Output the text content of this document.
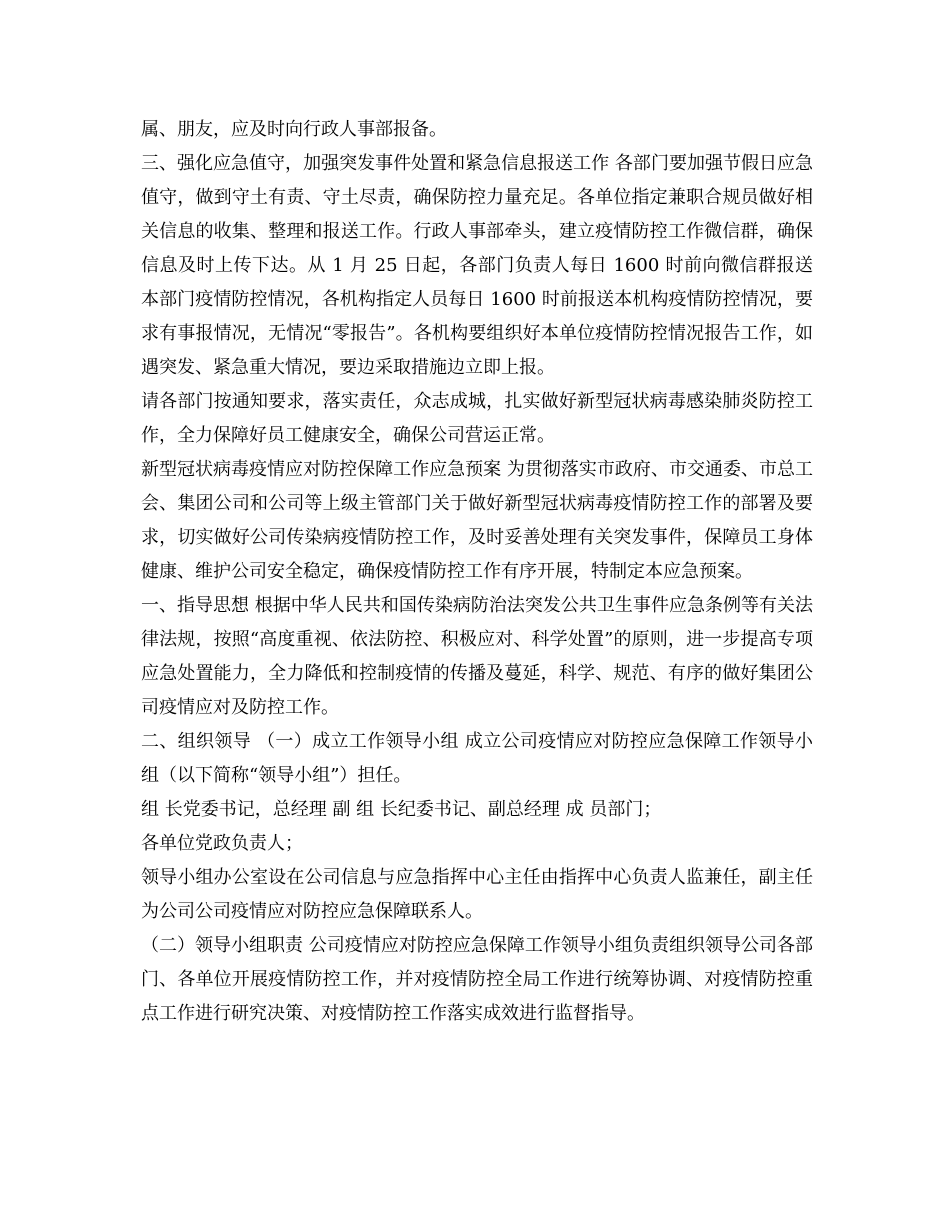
属、朋友，应及时向行政人事部报备。

三、强化应急值守，加强突发事件处置和紧急信息报送工作 各部门要加强节假日应急值守，做到守土有责、守土尽责，确保防控力量充足。各单位指定兼职合规员做好相关信息的收集、整理和报送工作。行政人事部牵头，建立疫情防控工作微信群，确保信息及时上传下达。从 1 月 25 日起，各部门负责人每日 1600 时前向微信群报送本部门疫情防控情况，各机构指定人员每日 1600 时前报送本机构疫情防控情况，要求有事报情况，无情况“零报告”。各机构要组织好本单位疫情防控情况报告工作，如遇突发、紧急重大情况，要边采取措施边立即上报。

请各部门按通知要求，落实责任，众志成城，扎实做好新型冠状病毒感染肺炎防控工作，全力保障好员工健康安全，确保公司营运正常。

新型冠状病毒疫情应对防控保障工作应急预案 为贯彻落实市政府、市交通委、市总工会、集团公司和公司等上级主管部门关于做好新型冠状病毒疫情防控工作的部署及要求，切实做好公司传染病疫情防控工作，及时妥善处理有关突发事件，保障员工身体健康、维护公司安全稳定，确保疫情防控工作有序开展，特制定本应急预案。

一、指导思想 根据中华人民共和国传染病防治法突发公共卫生事件应急条例等有关法律法规，按照“高度重视、依法防控、积极应对、科学处置”的原则，进一步提高专项应急处置能力，全力降低和控制疫情的传播及蔓延，科学、规范、有序的做好集团公司疫情应对及防控工作。

二、组织领导 （一）成立工作领导小组 成立公司疫情应对防控应急保障工作领导小组（以下简称“领导小组”）担任。

组 长党委书记，总经理 副 组 长纪委书记、副总经理 成 员部门；

各单位党政负责人；

领导小组办公室设在公司信息与应急指挥中心主任由指挥中心负责人监兼任，副主任为公司公司疫情应对防控应急保障联系人。

（二）领导小组职责 公司疫情应对防控应急保障工作领导小组负责组织领导公司各部门、各单位开展疫情防控工作，并对疫情防控全局工作进行统筹协调、对疫情防控重点工作进行研究决策、对疫情防控工作落实成效进行监督指导。
